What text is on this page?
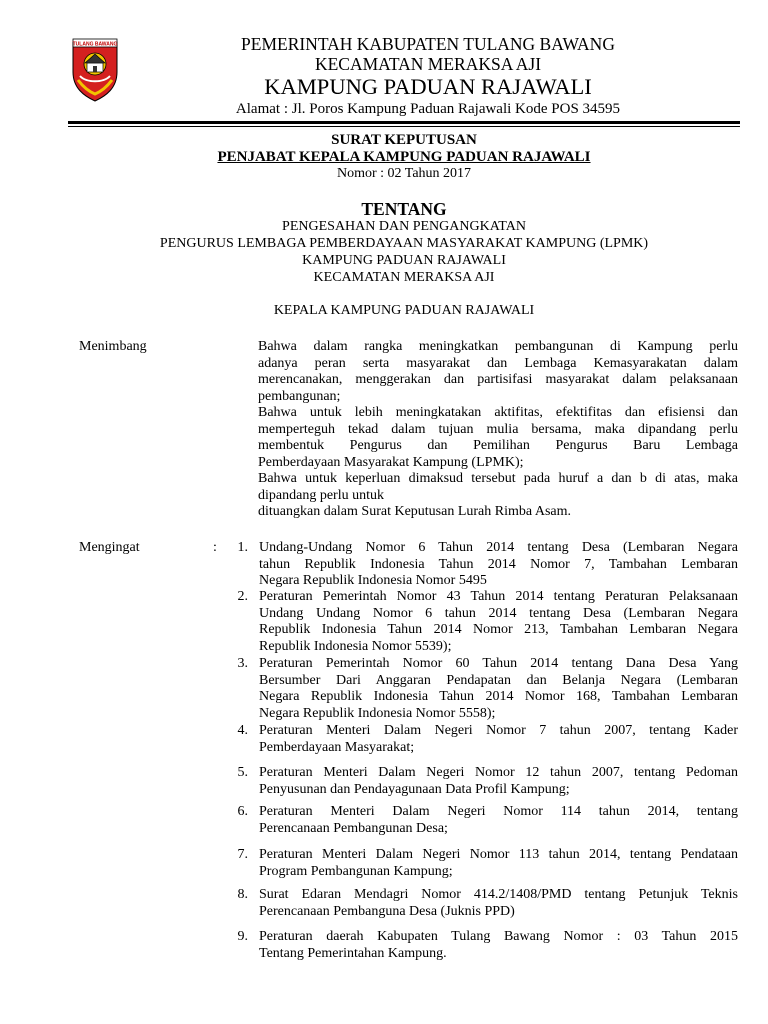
TULANG BAWANG	PEMERINTAH KABUPATEN TULANG BAWANG
KECAMATAN MERAKSA AJI
KAMPUNG PADUAN RAJAWALI
Alamat : Jl. Poros Kampung Paduan Rajawali Kode POS 34595
SURAT KEPUTUSAN
PENJABAT KEPALA KAMPUNG PADUAN RAJAWALI
Nomor : 02 Tahun 2017
TENTANG
PENGESAHAN DAN PENGANGKATAN
PENGURUS LEMBAGA PEMBERDAYAAN MASYARAKAT KAMPUNG (LPMK)
KAMPUNG PADUAN RAJAWALI
KECAMATAN MERAKSA AJI
KEPALA KAMPUNG PADUAN RAJAWALI
Menimbang	Bahwa dalam rangka meningkatkan pembangunan di Kampung perlu
adanya peran serta masyarakat dan Lembaga Kemasyarakatan dalam
merencanakan, menggerakan dan partisifasi masyarakat dalam pelaksanaan
pembangunan;
Bahwa untuk lebih meningkatakan aktifitas, efektifitas dan efisiensi dan
memperteguh tekad dalam tujuan mulia bersama, maka dipandang perlu
membentuk Pengurus dan Pemilihan Pengurus Baru Lembaga
Pemberdayaan Masyarakat Kampung (LPMK);
Bahwa untuk keperluan dimaksud tersebut pada huruf a dan b di atas, maka
dipandang perlu untuk
dituangkan dalam Surat Keputusan Lurah Rimba Asam.
Mengingat	:	1. Undang-Undang Nomor 6 Tahun 2014 tentang Desa (Lembaran Negara
tahun Republik Indonesia Tahun 2014 Nomor 7, Tambahan Lembaran
Negara Republik Indonesia Nomor 5495
2. Peraturan Pemerintah Nomor 43 Tahun 2014 tentang Peraturan Pelaksanaan
Undang Undang Nomor 6 tahun 2014 tentang Desa (Lembaran Negara
Republik Indonesia Tahun 2014 Nomor 213, Tambahan Lembaran Negara
Republik Indonesia Nomor 5539);
3. Peraturan Pemerintah Nomor 60 Tahun 2014 tentang Dana Desa Yang
Bersumber Dari Anggaran Pendapatan dan Belanja Negara (Lembaran
Negara Republik Indonesia Tahun 2014 Nomor 168, Tambahan Lembaran
Negara Republik Indonesia Nomor 5558);
4. Peraturan Menteri Dalam Negeri Nomor 7 tahun 2007, tentang Kader
Pemberdayaan Masyarakat;
5. Peraturan Menteri Dalam Negeri Nomor 12 tahun 2007, tentang Pedoman
Penyusunan dan Pendayagunaan Data Profil Kampung;
6. Peraturan Menteri Dalam Negeri Nomor 114 tahun 2014, tentang
Perencanaan Pembangunan Desa;
7. Peraturan Menteri Dalam Negeri Nomor 113 tahun 2014, tentang Pendataan
Program Pembangunan Kampung;
8. Surat Edaran Mendagri Nomor 414.2/1408/PMD tentang Petunjuk Teknis
Perencanaan Pembanguna Desa (Juknis PPD)
9. Peraturan daerah Kabupaten Tulang Bawang Nomor : 03 Tahun 2015
Tentang Pemerintahan Kampung.
